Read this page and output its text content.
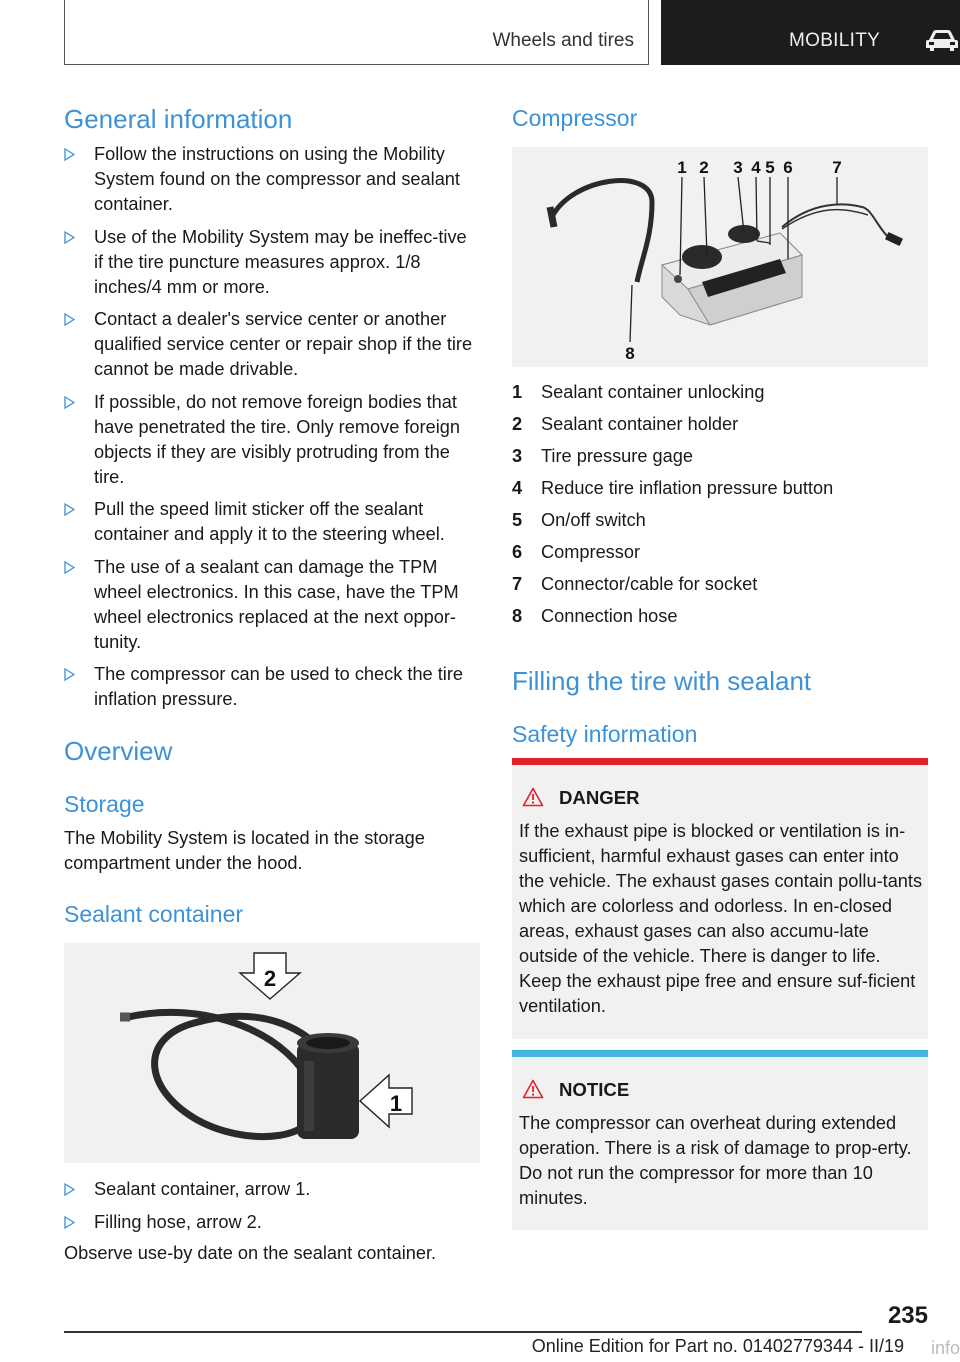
Wheels and tires	MOBILITY
General information
Follow the instructions on using the Mobility System found on the compressor and sealant container.
Use of the Mobility System may be ineffec-tive if the tire puncture measures approx. 1/8 inches/4 mm or more.
Contact a dealer's service center or another qualified service center or repair shop if the tire cannot be made drivable.
If possible, do not remove foreign bodies that have penetrated the tire. Only remove foreign objects if they are visibly protruding from the tire.
Pull the speed limit sticker off the sealant container and apply it to the steering wheel.
The use of a sealant can damage the TPM wheel electronics. In this case, have the TPM wheel electronics replaced at the next oppor-tunity.
The compressor can be used to check the tire inflation pressure.
Overview
Storage

The Mobility System is located in the storage compartment under the hood.

Sealant container
2
1
Sealant container, arrow 1.
Filling hose, arrow 2.

Observe use-by date on the sealant container.

Compressor
1 2 3 4 5 6 7
8
1	Sealant container unlocking
2	Sealant container holder
3	Tire pressure gage
4	Reduce tire inflation pressure button
5	On/off switch
6	Compressor
7	Connector/cable for socket
8	Connection hose
Filling the tire with sealant
Safety information
DANGER

If the exhaust pipe is blocked or ventilation is in-sufficient, harmful exhaust gases can enter into the vehicle. The exhaust gases contain pollu-tants which are colorless and odorless. In en-closed areas, exhaust gases can also accumu-late outside of the vehicle. There is danger to life. Keep the exhaust pipe free and ensure suf-ficient ventilation.

NOTICE

The compressor can overheat during extended operation. There is a risk of damage to prop-erty. Do not run the compressor for more than 10 minutes.

235
Online Edition for Part no. 01402779344 - II/19 info
